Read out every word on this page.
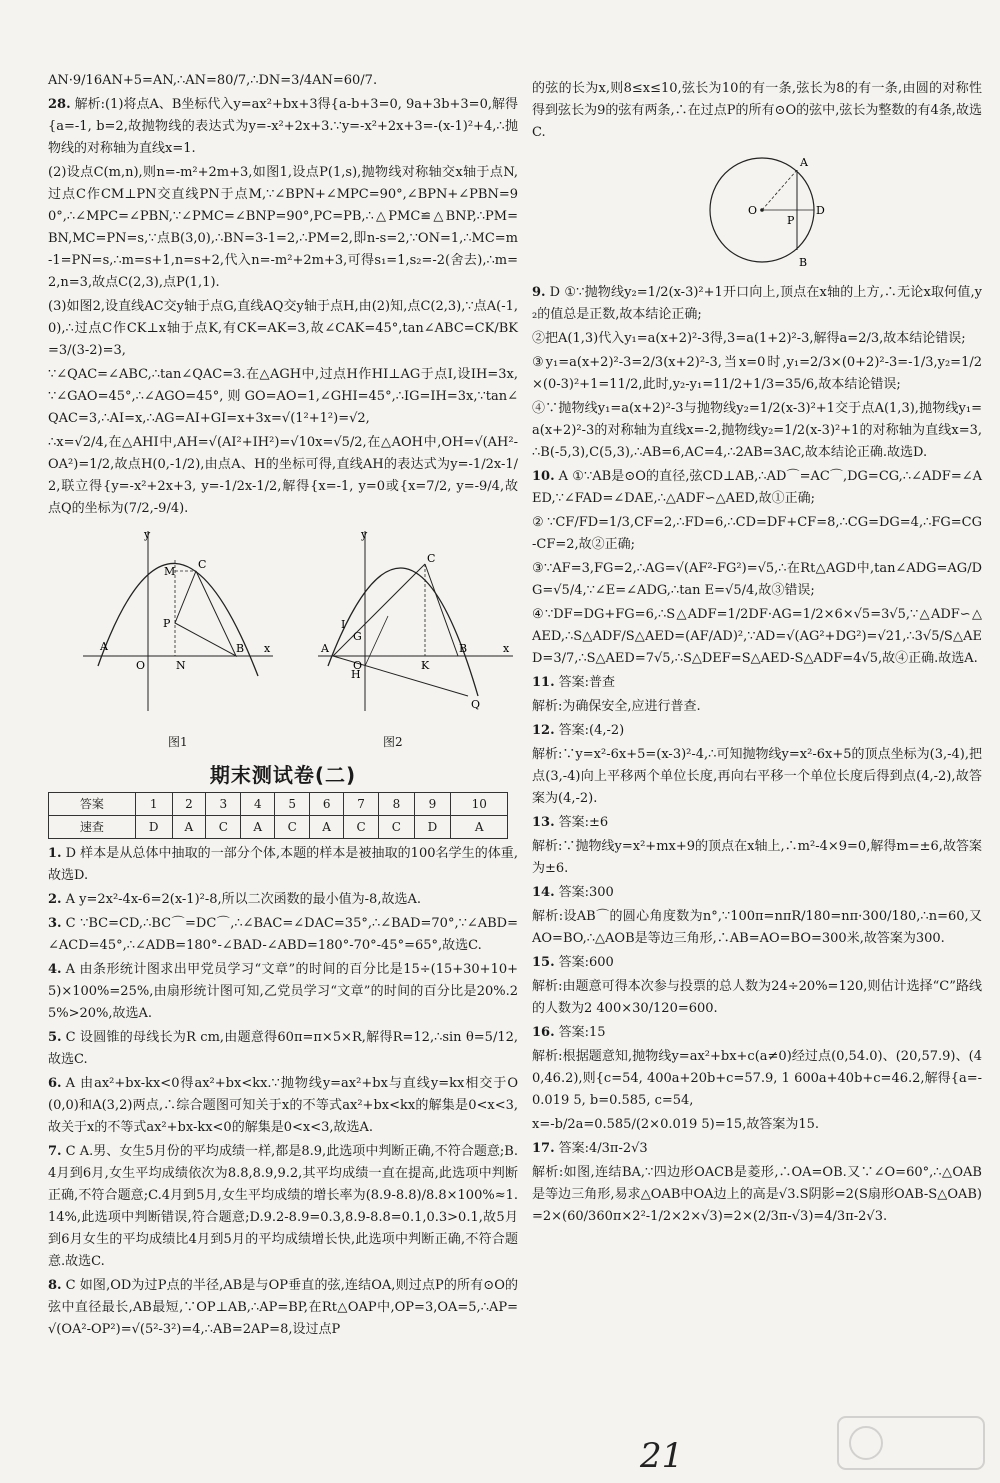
AN·9/16AN+5=AN,∴AN=80/7,∴DN=3/4AN=60/7.

28. 解析:(1)将点A、B坐标代入y=ax²+bx+3得{a-b+3=0, 9a+3b+3=0,解得{a=-1, b=2,故抛物线的表达式为y=-x²+2x+3.∵y=-x²+2x+3=-(x-1)²+4,∴抛物线的对称轴为直线x=1.

(2)设点C(m,n),则n=-m²+2m+3,如图1,设点P(1,s),抛物线对称轴交x轴于点N,过点C作CM⊥PN交直线PN于点M,∵∠BPN+∠MPC=90°,∠BPN+∠PBN=90°,∴∠MPC=∠PBN,∵∠PMC=∠BNP=90°,PC=PB,∴△PMC≌△BNP,∴PM=BN,MC=PN=s,∵点B(3,0),∴BN=3-1=2,∴PM=2,即n-s=2,∵ON=1,∴MC=m-1=PN=s,∴m=s+1,n=s+2,代入n=-m²+2m+3,可得s₁=1,s₂=-2(舍去),∴m=2,n=3,故点C(2,3),点P(1,1).

(3)如图2,设直线AC交y轴于点G,直线AQ交y轴于点H,由(2)知,点C(2,3),∵点A(-1,0),∴过点C作CK⊥x轴于点K,有CK=AK=3,故∠CAK=45°,tan∠ABC=CK/BK=3/(3-2)=3,

∵∠QAC=∠ABC,∴tan∠QAC=3.在△AGH中,过点H作HI⊥AG于点I,设IH=3x,∵∠GAO=45°,∴∠AGO=45°,则GO=AO=1,∠GHI=45°,∴IG=IH=3x,∵tan∠QAC=3,∴AI=x,∴AG=AI+GI=x+3x=√(1²+1²)=√2,

∴x=√2/4,在△AHI中,AH=√(AI²+IH²)=√10x=√5/2,在△AOH中,OH=√(AH²-OA²)=1/2,故点H(0,-1/2),由点A、H的坐标可得,直线AH的表达式为y=-1/2x-1/2,联立得{y=-x²+2x+3, y=-1/2x-1/2,解得{x=-1, y=0或{x=7/2, y=-9/4,故点Q的坐标为(7/2,-9/4).

y
x
C
M
P
A	B
O	N
y
x
C
A	B
O	K
H
G
I
Q
图1	图2
期末测试卷(二)
答案	1	2	3	4	5	6	7	8	9	10
速查	D	A	C	A	C	A	C	C	D	A

1. D 样本是从总体中抽取的一部分个体,本题的样本是被抽取的100名学生的体重,故选D.

2. A y=2x²-4x-6=2(x-1)²-8,所以二次函数的最小值为-8,故选A.

3. C ∵BC=CD,∴BC⌒=DC⌒,∴∠BAC=∠DAC=35°,∴∠BAD=70°,∵∠ABD=∠ACD=45°,∴∠ADB=180°-∠BAD-∠ABD=180°-70°-45°=65°,故选C.

4. A 由条形统计图求出甲党员学习“文章”的时间的百分比是15÷(15+30+10+5)×100%=25%,由扇形统计图可知,乙党员学习“文章”的时间的百分比是20%.25%>20%,故选A.

5. C 设圆锥的母线长为R cm,由题意得60π=π×5×R,解得R=12,∴sin θ=5/12,故选C.

6. A 由ax²+bx-kx<0得ax²+bx<kx.∵抛物线y=ax²+bx与直线y=kx相交于O(0,0)和A(3,2)两点,∴综合题图可知关于x的不等式ax²+bx<kx的解集是0<x<3,故关于x的不等式ax²+bx-kx<0的解集是0<x<3,故选A.

7. C A.男、女生5月份的平均成绩一样,都是8.9,此选项中判断正确,不符合题意;B.4月到6月,女生平均成绩依次为8.8,8.9,9.2,其平均成绩一直在提高,此选项中判断正确,不符合题意;C.4月到5月,女生平均成绩的增长率为(8.9-8.8)/8.8×100%≈1.14%,此选项中判断错误,符合题意;D.9.2-8.9=0.3,8.9-8.8=0.1,0.3>0.1,故5月到6月女生的平均成绩比4月到5月的平均成绩增长快,此选项中判断正确,不符合题意.故选C.

8. C 如图,OD为过P点的半径,AB是与OP垂直的弦,连结OA,则过点P的所有⊙O的弦中直径最长,AB最短,∵OP⊥AB,∴AP=BP,在Rt△OAP中,OP=3,OA=5,∴AP=√(OA²-OP²)=√(5²-3²)=4,∴AB=2AP=8,设过点P

的弦的长为x,则8≤x≤10,弦长为10的有一条,弦长为8的有一条,由圆的对称性得到弦长为9的弦有两条,∴在过点P的所有⊙O的弦中,弦长为整数的有4条,故选C.

A
B
O
P
D

9. D ①∵抛物线y₂=1/2(x-3)²+1开口向上,顶点在x轴的上方,∴无论x取何值,y₂的值总是正数,故本结论正确;

②把A(1,3)代入y₁=a(x+2)²-3得,3=a(1+2)²-3,解得a=2/3,故本结论错误;

③y₁=a(x+2)²-3=2/3(x+2)²-3,当x=0时,y₁=2/3×(0+2)²-3=-1/3,y₂=1/2×(0-3)²+1=11/2,此时,y₂-y₁=11/2+1/3=35/6,故本结论错误;

④∵抛物线y₁=a(x+2)²-3与抛物线y₂=1/2(x-3)²+1交于点A(1,3),抛物线y₁=a(x+2)²-3的对称轴为直线x=-2,抛物线y₂=1/2(x-3)²+1的对称轴为直线x=3,∴B(-5,3),C(5,3),∴AB=6,AC=4,∴2AB=3AC,故本结论正确.故选D.

10. A ①∵AB是⊙O的直径,弦CD⊥AB,∴AD⌒=AC⌒,DG=CG,∴∠ADF=∠AED,∵∠FAD=∠DAE,∴△ADF∽△AED,故①正确;

②∵CF/FD=1/3,CF=2,∴FD=6,∴CD=DF+CF=8,∴CG=DG=4,∴FG=CG-CF=2,故②正确;

③∵AF=3,FG=2,∴AG=√(AF²-FG²)=√5,∴在Rt△AGD中,tan∠ADG=AG/DG=√5/4,∵∠E=∠ADG,∴tan E=√5/4,故③错误;

④∵DF=DG+FG=6,∴S△ADF=1/2DF·AG=1/2×6×√5=3√5,∵△ADF∽△AED,∴S△ADF/S△AED=(AF/AD)²,∵AD=√(AG²+DG²)=√21,∴3√5/S△AED=3/7,∴S△AED=7√5,∴S△DEF=S△AED-S△ADF=4√5,故④正确.故选A.

11. 答案:普查

解析:为确保安全,应进行普查.

12. 答案:(4,-2)

解析:∵y=x²-6x+5=(x-3)²-4,∴可知抛物线y=x²-6x+5的顶点坐标为(3,-4),把点(3,-4)向上平移两个单位长度,再向右平移一个单位长度后得到点(4,-2),故答案为(4,-2).

13. 答案:±6

解析:∵抛物线y=x²+mx+9的顶点在x轴上,∴m²-4×9=0,解得m=±6,故答案为±6.

14. 答案:300

解析:设AB⌒的圆心角度数为n°,∵100π=nπR/180=nπ·300/180,∴n=60,又AO=BO,∴△AOB是等边三角形,∴AB=AO=BO=300米,故答案为300.

15. 答案:600

解析:由题意可得本次参与投票的总人数为24÷20%=120,则估计选择“C”路线的人数为2 400×30/120=600.

16. 答案:15

解析:根据题意知,抛物线y=ax²+bx+c(a≠0)经过点(0,54.0)、(20,57.9)、(40,46.2),则{c=54, 400a+20b+c=57.9, 1 600a+40b+c=46.2,解得{a=-0.019 5, b=0.585, c=54,

x=-b/2a=0.585/(2×0.019 5)=15,故答案为15.

17. 答案:4/3π-2√3

解析:如图,连结BA,∵四边形OACB是菱形,∴OA=OB.又∵∠O=60°,∴△OAB是等边三角形,易求△OAB中OA边上的高是√3.S阴影=2(S扇形OAB-S△OAB)=2×(60/360π×2²-1/2×2×√3)=2×(2/3π-√3)=4/3π-2√3.

21
